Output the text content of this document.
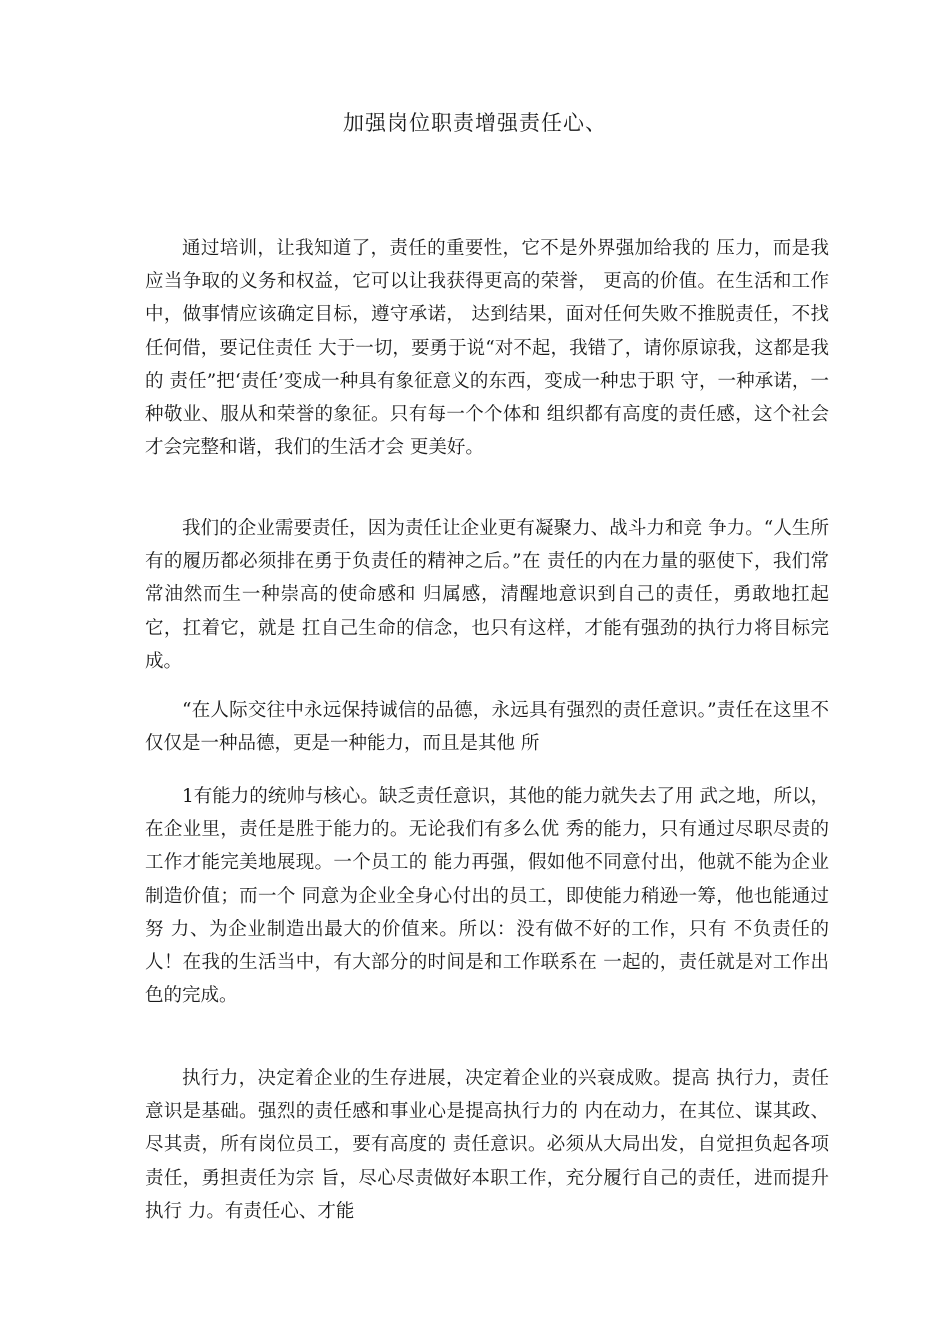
加强岗位职责增强责任心、

通过培训，让我知道了，责任的重要性，它不是外界强加给我的 压力，而是我应当争取的义务和权益，它可以让我获得更高的荣誉， 更高的价值。在生活和工作中，做事情应该确定目标，遵守承诺， 达到结果，面对任何失败不推脱责任，不找任何借，要记住责任 大于一切，要勇于说“对不起，我错了，请你原谅我，这都是我的 责任”把‘责任’变成一种具有象征意义的东西，变成一种忠于职 守，一种承诺，一种敬业、服从和荣誉的象征。只有每一个个体和 组织都有高度的责任感，这个社会才会完整和谐，我们的生活才会 更美好。

我们的企业需要责任，因为责任让企业更有凝聚力、战斗力和竞 争力。“人生所有的履历都必须排在勇于负责任的精神之后。”在 责任的内在力量的驱使下，我们常常油然而生一种崇高的使命感和 归属感，清醒地意识到自己的责任，勇敢地扛起它，扛着它，就是 扛自己生命的信念，也只有这样，才能有强劲的执行力将目标完成。

“在人际交往中永远保持诚信的品德，永远具有强烈的责任意识。”责任在这里不仅仅是一种品德，更是一种能力，而且是其他 所

1有能力的统帅与核心。缺乏责任意识，其他的能力就失去了用 武之地，所以，在企业里，责任是胜于能力的。无论我们有多么优 秀的能力，只有通过尽职尽责的工作才能完美地展现。一个员工的 能力再强，假如他不同意付出，他就不能为企业制造价值；而一个 同意为企业全身心付出的员工，即使能力稍逊一筹，他也能通过努 力、为企业制造出最大的价值来。所以：没有做不好的工作，只有 不负责任的人！在我的生活当中，有大部分的时间是和工作联系在 一起的，责任就是对工作出色的完成。

执行力，决定着企业的生存进展，决定着企业的兴衰成败。提高 执行力，责任意识是基础。强烈的责任感和事业心是提高执行力的 内在动力，在其位、谋其政、尽其责，所有岗位员工，要有高度的 责任意识。必须从大局出发，自觉担负起各项责任，勇担责任为宗 旨，尽心尽责做好本职工作，充分履行自己的责任，进而提升执行 力。有责任心、才能
